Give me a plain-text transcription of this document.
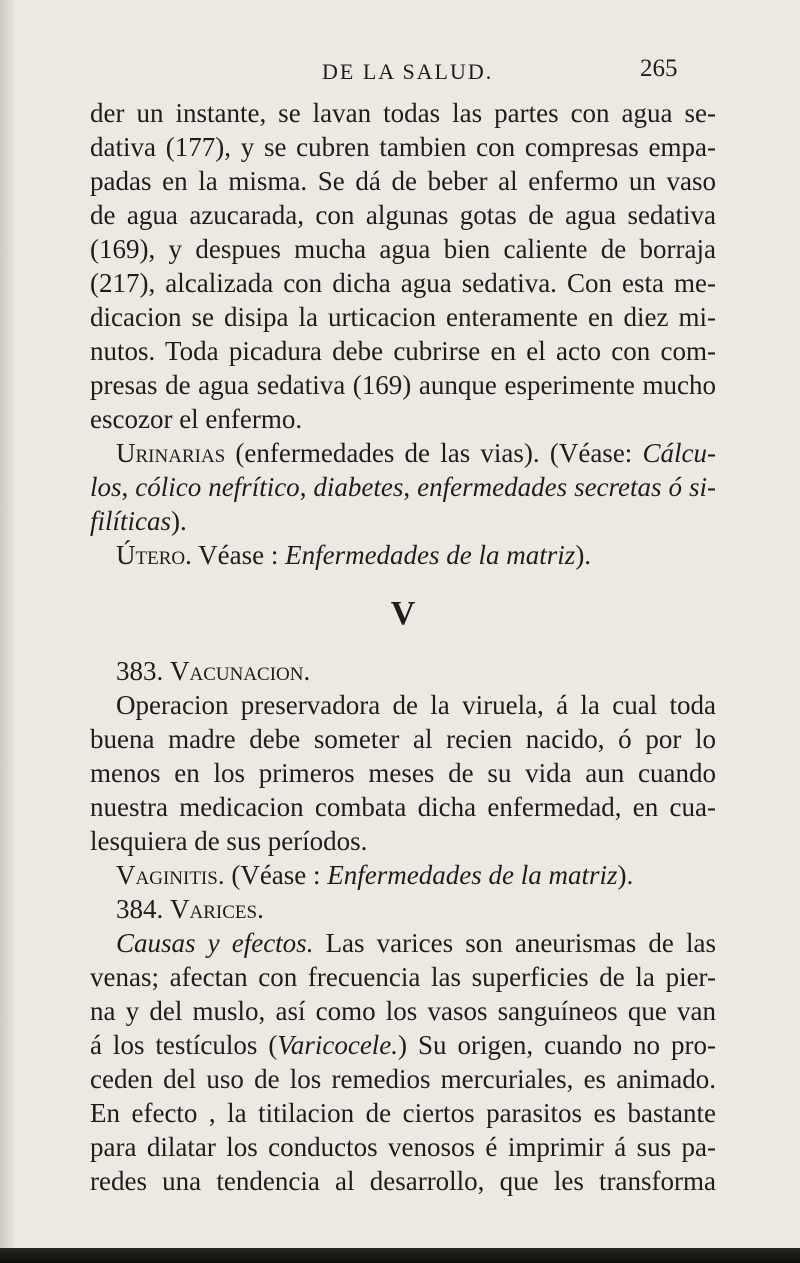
DE LA SALUD.	265
der un instante, se lavan todas las partes con agua se-
dativa (177), y se cubren tambien con compresas empa-
padas en la misma. Se dá de beber al enfermo un vaso
de agua azucarada, con algunas gotas de agua sedativa
(169), y despues mucha agua bien caliente de borraja
(217), alcalizada con dicha agua sedativa. Con esta me-
dicacion se disipa la urticacion enteramente en diez mi-
nutos. Toda picadura debe cubrirse en el acto con com-
presas de agua sedativa (169) aunque esperimente mucho
escozor el enfermo.
Urinarias (enfermedades de las vias). (Véase: Cálcu-
los, cólico nefrítico, diabetes, enfermedades secretas ó si-
filíticas).
Útero. Véase : Enfermedades de la matriz).
V
383. Vacunacion.
Operacion preservadora de la viruela, á la cual toda
buena madre debe someter al recien nacido, ó por lo
menos en los primeros meses de su vida aun cuando
nuestra medicacion combata dicha enfermedad, en cua-
lesquiera de sus períodos.
Vaginitis. (Véase : Enfermedades de la matriz).
384. Varices.
Causas y efectos. Las varices son aneurismas de las
venas; afectan con frecuencia las superficies de la pier-
na y del muslo, así como los vasos sanguíneos que van
á los testículos (Varicocele.) Su origen, cuando no pro-
ceden del uso de los remedios mercuriales, es animado.
En efecto , la titilacion de ciertos parasitos es bastante
para dilatar los conductos venosos é imprimir á sus pa-
redes una tendencia al desarrollo, que les transforma
